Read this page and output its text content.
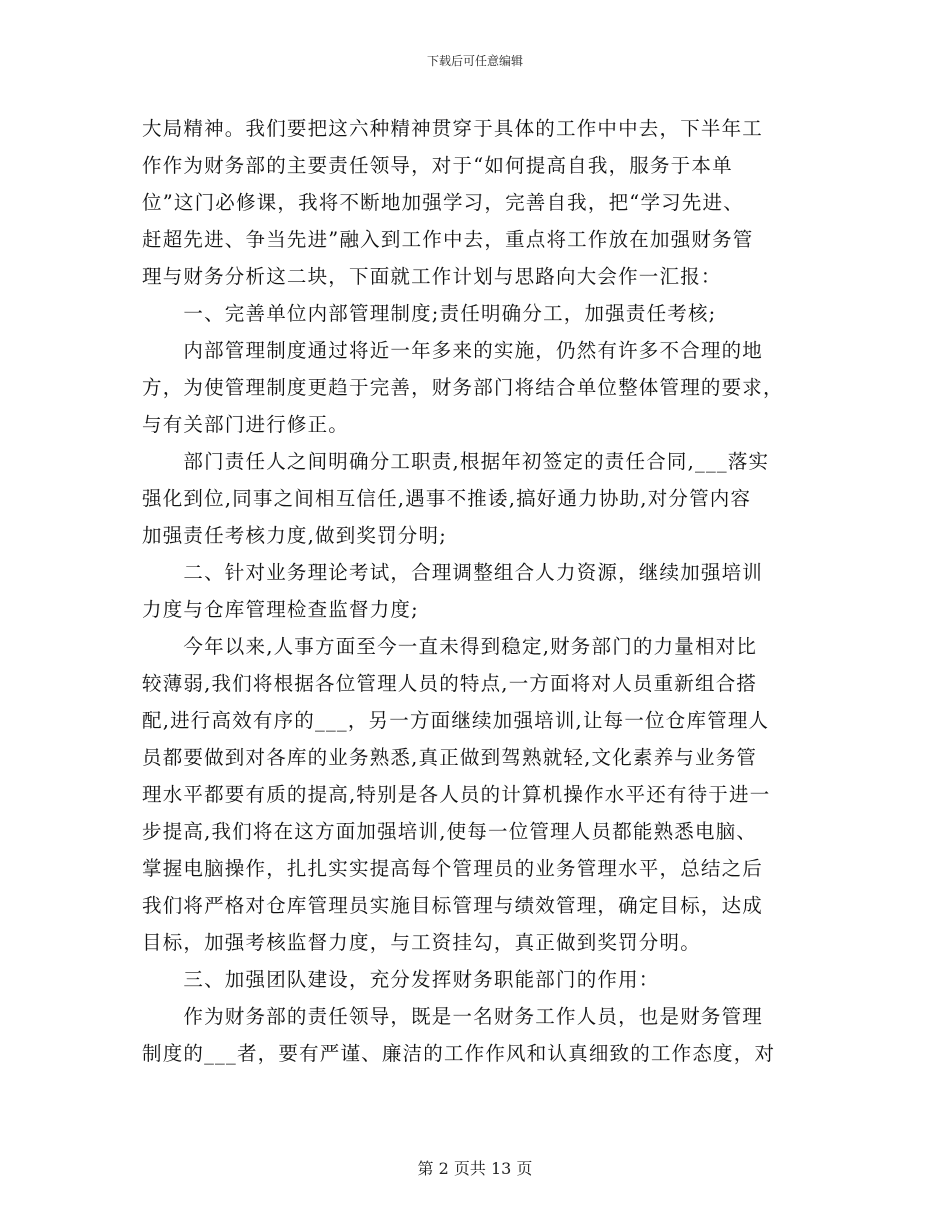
下载后可任意编辑
大局精神。我们要把这六种精神贯穿于具体的工作中中去，下半年工
作作为财务部的主要责任领导，对于“如何提高自我，服务于本单
位”这门必修课，我将不断地加强学习，完善自我，把“学习先进、
赶超先进、争当先进”融入到工作中去，重点将工作放在加强财务管
理与财务分析这二块，下面就工作计划与思路向大会作一汇报：
　　一、完善单位内部管理制度;责任明确分工，加强责任考核;
　　内部管理制度通过将近一年多来的实施，仍然有许多不合理的地
方，为使管理制度更趋于完善，财务部门将结合单位整体管理的要求，
与有关部门进行修正。
　　部门责任人之间明确分工职责,根据年初签定的责任合同,___落实
强化到位,同事之间相互信任,遇事不推诿,搞好通力协助,对分管内容
加强责任考核力度,做到奖罚分明;
　　二、针对业务理论考试，合理调整组合人力资源，继续加强培训
力度与仓库管理检查监督力度;
　　今年以来,人事方面至今一直未得到稳定,财务部门的力量相对比
较薄弱,我们将根据各位管理人员的特点,一方面将对人员重新组合搭
配,进行高效有序的___，另一方面继续加强培训,让每一位仓库管理人
员都要做到对各库的业务熟悉,真正做到驾熟就轻,文化素养与业务管
理水平都要有质的提高,特别是各人员的计算机操作水平还有待于进一
步提高,我们将在这方面加强培训,使每一位管理人员都能熟悉电脑、
掌握电脑操作，扎扎实实提高每个管理员的业务管理水平，总结之后
我们将严格对仓库管理员实施目标管理与绩效管理，确定目标，达成
目标，加强考核监督力度，与工资挂勾，真正做到奖罚分明。
　　三、加强团队建设，充分发挥财务职能部门的作用：
　　作为财务部的责任领导，既是一名财务工作人员，也是财务管理
制度的___者，要有严谨、廉洁的工作作风和认真细致的工作态度，对
第 2 页共 13 页
